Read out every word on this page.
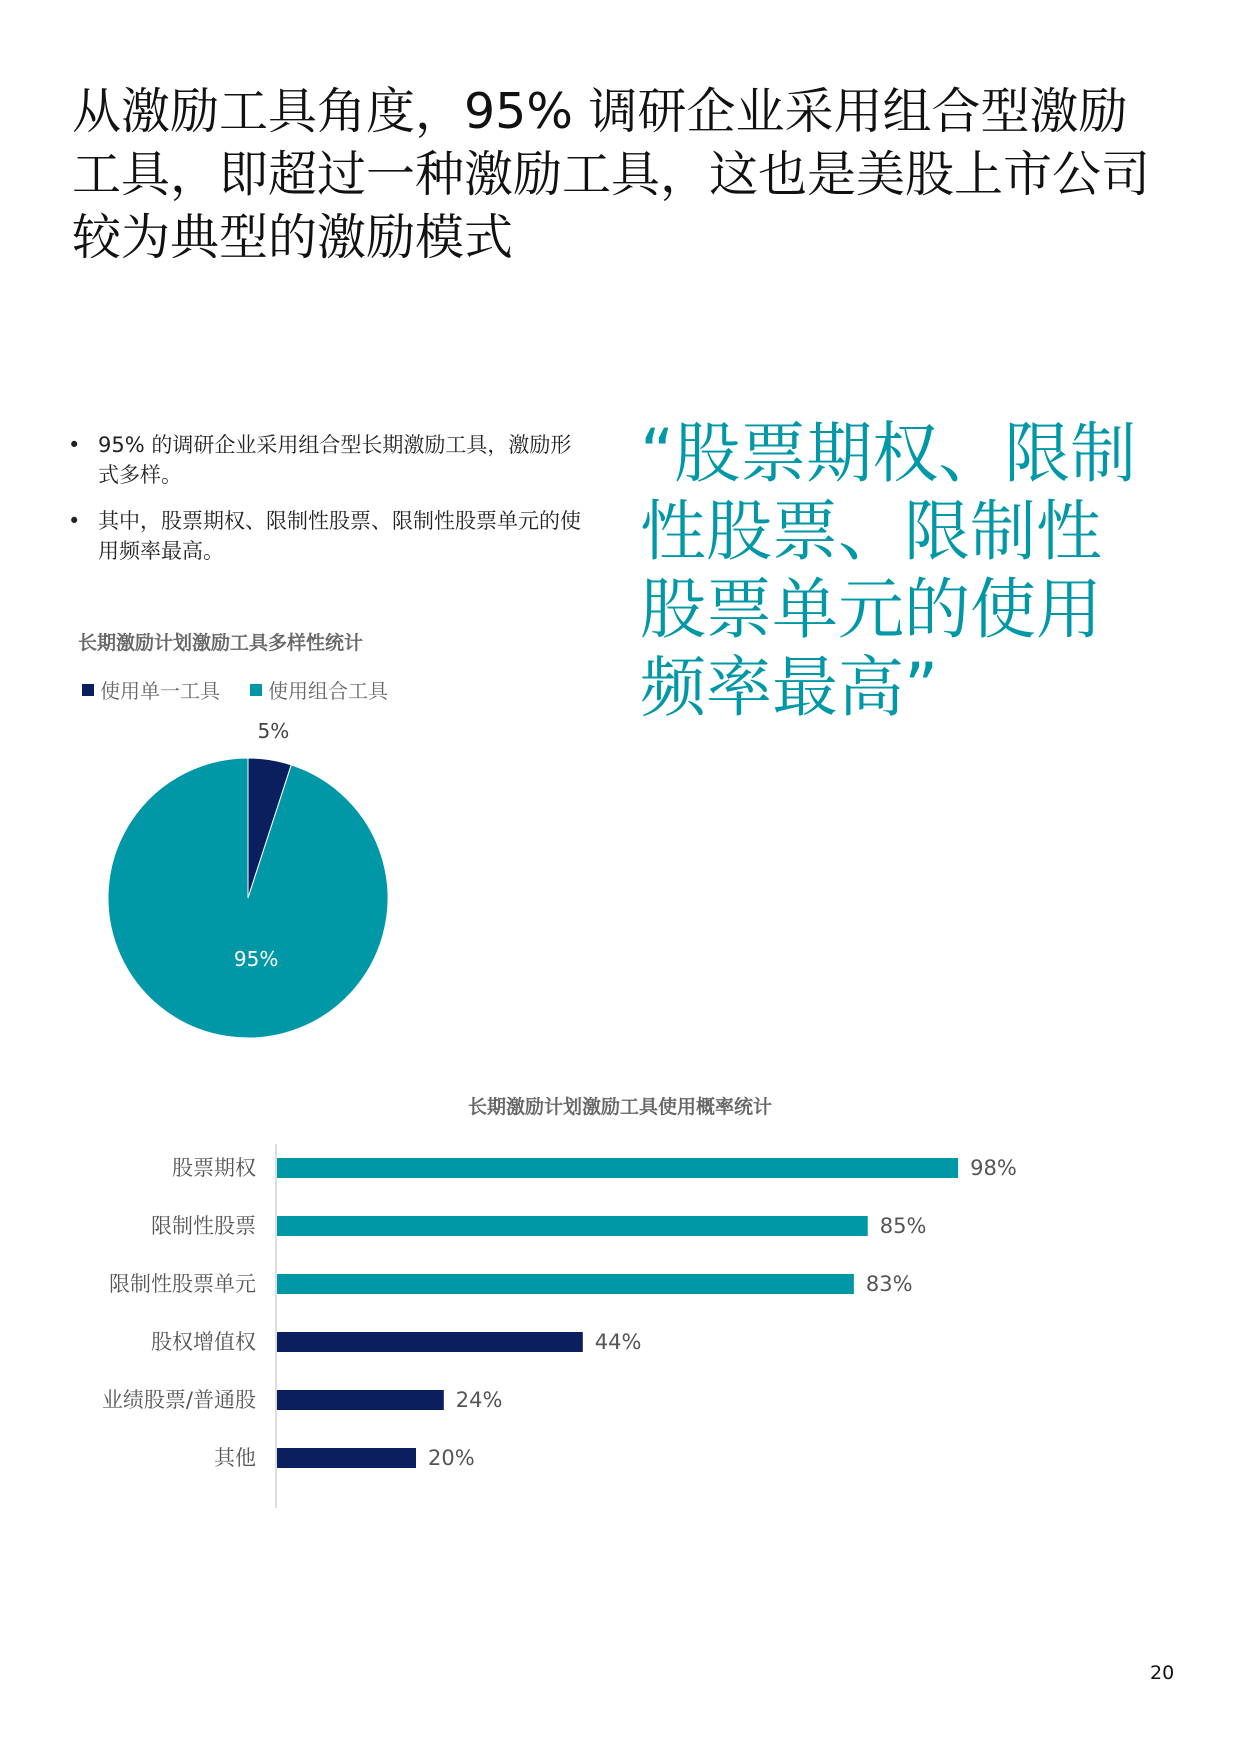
从激励工具角度，95% 调研企业采用组合型激励工具，即超过一种激励工具，这也是美股上市公司较为典型的激励模式
• 95% 的调研企业采用组合型长期激励工具，激励形式多样。
• 其中，股票期权、限制性股票、限制性股票单元的使用频率最高。

“股票期权、限制性股票、限制性股票单元的使用频率最高”

长期激励计划激励工具多样性统计
使用单一工具 使用组合工具
5%
95%
长期激励计划激励工具使用概率统计
股票期权	98%
限制性股票	85%
限制性股票单元	83%
股权增值权	44%
业绩股票/普通股	24%
其他	20%
20
